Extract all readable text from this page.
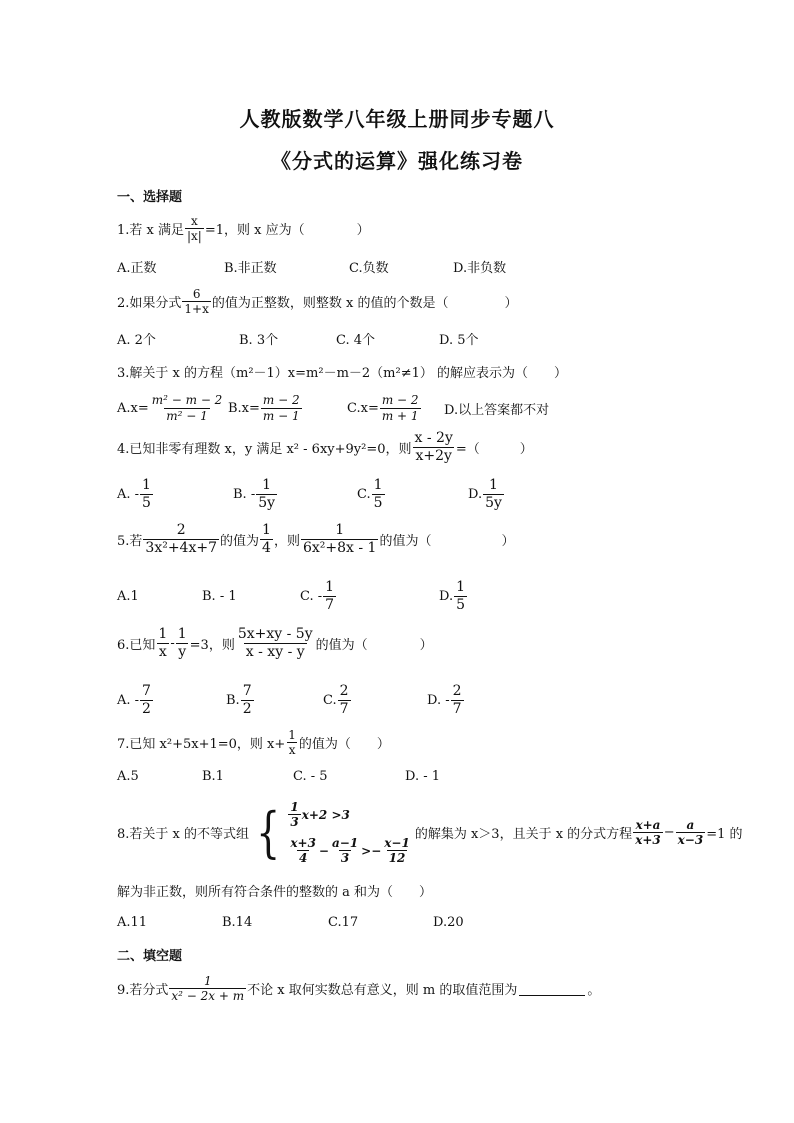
人教版数学八年级上册同步专题八
《分式的运算》强化练习卷
一、选择题
1.若 x 满足 $\frac{x}{|x|} =1$，则 x 应为（	）
A.正数	B.非正数	C.负数	D.非负数
2.如果分式 $\frac{6}{1+x}$ 的值为正整数，则整数 x 的值的个数是（	）
A. 2个	B. 3个	C. 4个	D. 5个
3.解关于 x 的方程（m²－1）x=m²－m－2（m²≠1） 的解应表示为（　　）
$A.x= \frac{\text{m² − m − 2}}{\text{m² − 1}} B.x= \frac{m - 2}{m - 1}$	$C.x= \frac{m - 2}{m + 1} D$.以上答案都不对
4.已知非零有理数 x，y 满足 x² - 6xy+9y²=0，则 $\frac{x - 2y}{x+2y}$ =（	）
A. - $\frac{1}{5}$	B. - $\frac{1}{5y}$	C. $\frac{1}{5}$	D. $\frac{1}{5y}$
5.若 $\frac{2}{\text{3x²+4x+7}}$ 的值为 $\frac{1}{4}$ ，则 $\frac{1}{\text{6x²+8x - 1}}$ 的值为（	）
A.1	B. - 1	C. - $\frac{1}{7}$	D. $\frac{1}{5}$
6.已知 $\frac{1}{x} - \frac{1}{y} =3$，则 $\frac{5x+xy - 5y}{x - xy - y}$ 的值为（	）
A. - $\frac{7}{2}$	B. $\frac{7}{2}$	C. $\frac{2}{7}$	D. - $\frac{2}{7}$
7.已知 x²+5x+1=0，则 $x+ \frac{1}{x}$ 的值为（　　）
A.5	B.1	C. - 5	D. - 1
8.若关于 x 的不等式组 { $\frac{1}{3} x+2 >3$
$\frac{x+3}{4} - \frac{a-1}{3} >- \frac{x-1}{12}$
的解集为 x＞3，且关于 x 的分式方程 $\frac{x+a}{x+3} - \frac{a}{x-3} =1$ 的
解为非正数，则所有符合条件的整数的 a 和为（　　）
A.11	B.14	C.17	D.20
二、填空题
9.若分式 $\frac{1}{\text{x² − 2x + m}}$ 不论 x 取何实数总有意义，则 m 的取值范围为	。
